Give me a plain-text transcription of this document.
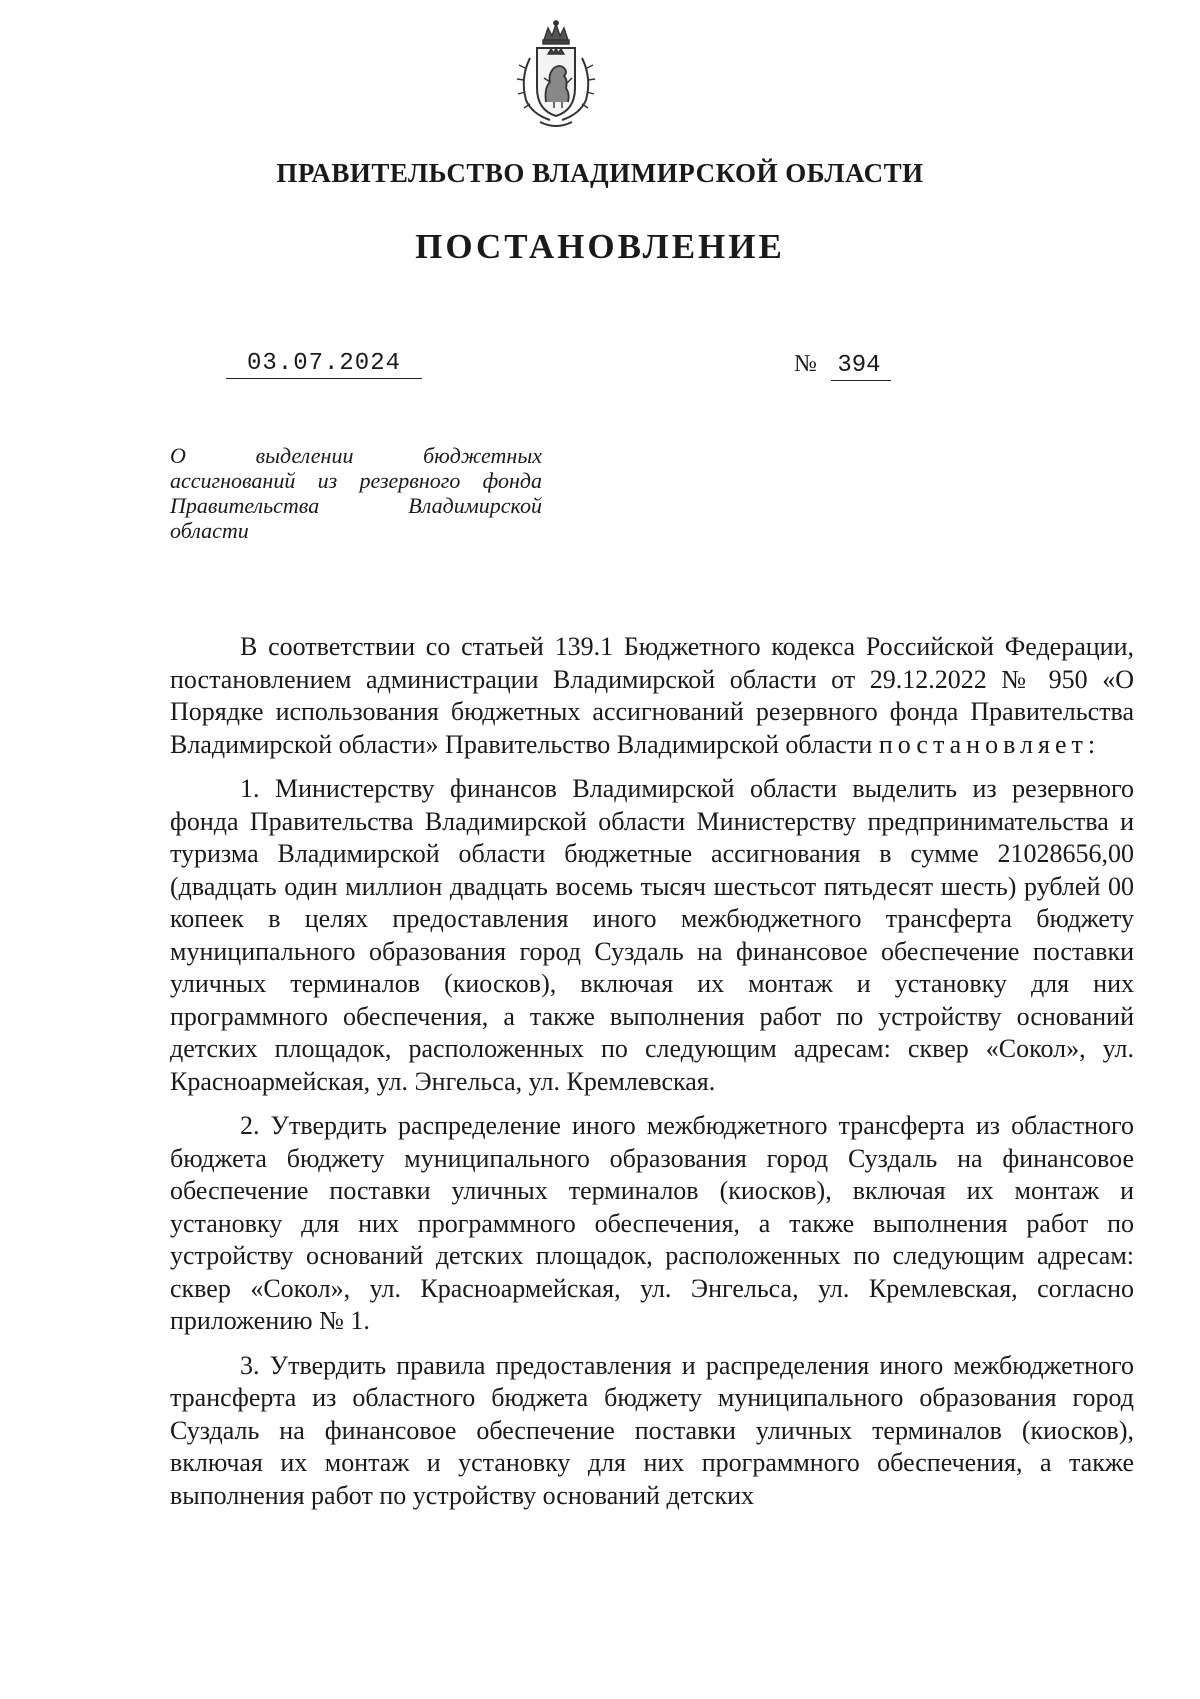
ПРАВИТЕЛЬСТВО ВЛАДИМИРСКОЙ ОБЛАСТИ
ПОСТАНОВЛЕНИЕ
03.07.2024	№ 394
О выделении бюджетных ассигнований из резервного фонда Правительства Владимирской области

В соответствии со статьей 139.1 Бюджетного кодекса Российской Федерации, постановлением администрации Владимирской области от 29.12.2022 № 950 «О Порядке использования бюджетных ассигнований резервного фонда Правительства Владимирской области» Правительство Владимирской области постановляет:

1. Министерству финансов Владимирской области выделить из резервного фонда Правительства Владимирской области Министерству предпринимательства и туризма Владимирской области бюджетные ассигнования в сумме 21028656,00 (двадцать один миллион двадцать восемь тысяч шестьсот пятьдесят шесть) рублей 00 копеек в целях предоставления иного межбюджетного трансферта бюджету муниципального образования город Суздаль на финансовое обеспечение поставки уличных терминалов (киосков), включая их монтаж и установку для них программного обеспечения, а также выполнения работ по устройству оснований детских площадок, расположенных по следующим адресам: сквер «Сокол», ул. Красноармейская, ул. Энгельса, ул. Кремлевская.

2. Утвердить распределение иного межбюджетного трансферта из областного бюджета бюджету муниципального образования город Суздаль на финансовое обеспечение поставки уличных терминалов (киосков), включая их монтаж и установку для них программного обеспечения, а также выполнения работ по устройству оснований детских площадок, расположенных по следующим адресам: сквер «Сокол», ул. Красноармейская, ул. Энгельса, ул. Кремлевская, согласно приложению № 1.

3. Утвердить правила предоставления и распределения иного межбюджетного трансферта из областного бюджета бюджету муниципального образования город Суздаль на финансовое обеспечение поставки уличных терминалов (киосков), включая их монтаж и установку для них программного обеспечения, а также выполнения работ по устройству оснований детских
